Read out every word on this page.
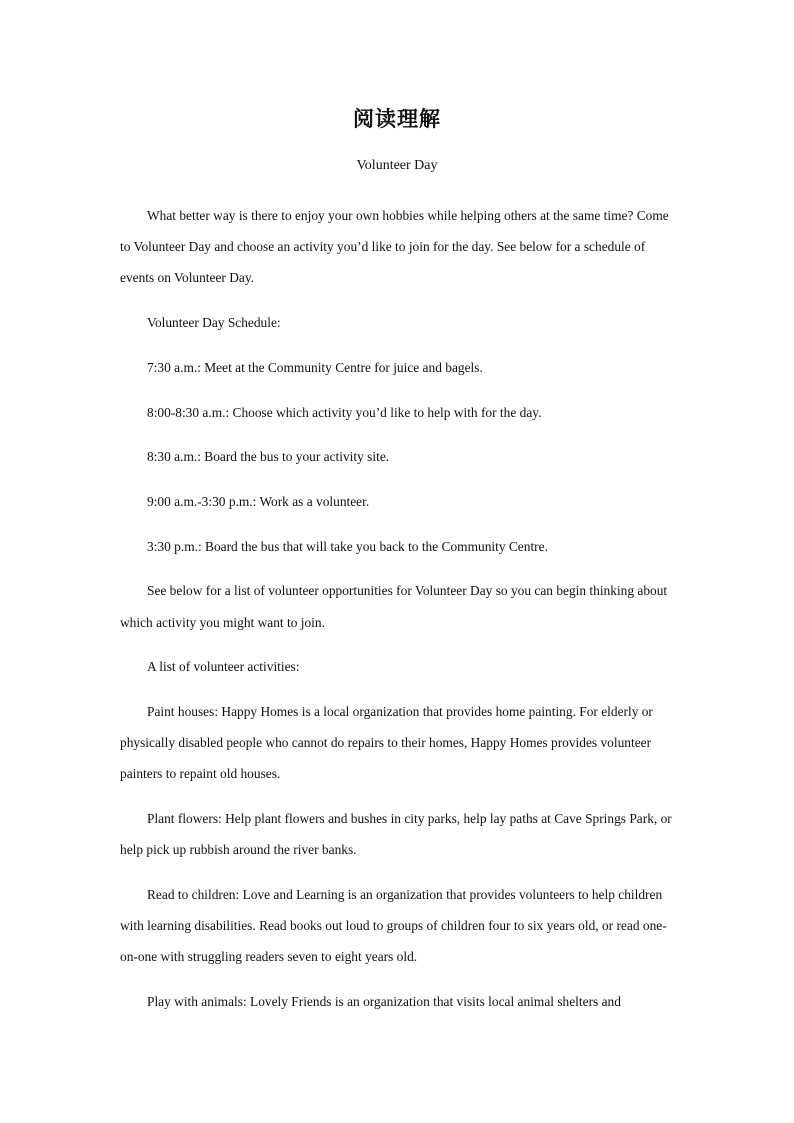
阅读理解
Volunteer Day

What better way is there to enjoy your own hobbies while helping others at the same time? Come to Volunteer Day and choose an activity you’d like to join for the day. See below for a schedule of events on Volunteer Day.

Volunteer Day Schedule:

7:30 a.m.: Meet at the Community Centre for juice and bagels.

8:00-8:30 a.m.: Choose which activity you’d like to help with for the day.

8:30 a.m.: Board the bus to your activity site.

9:00 a.m.-3:30 p.m.: Work as a volunteer.

3:30 p.m.: Board the bus that will take you back to the Community Centre.

See below for a list of volunteer opportunities for Volunteer Day so you can begin thinking about which activity you might want to join.

A list of volunteer activities:

Paint houses: Happy Homes is a local organization that provides home painting. For elderly or physically disabled people who cannot do repairs to their homes, Happy Homes provides volunteer painters to repaint old houses.

Plant flowers: Help plant flowers and bushes in city parks, help lay paths at Cave Springs Park, or help pick up rubbish around the river banks.

Read to children: Love and Learning is an organization that provides volunteers to help children with learning disabilities. Read books out loud to groups of children four to six years old, or read one-on-one with struggling readers seven to eight years old.

Play with animals: Lovely Friends is an organization that visits local animal shelters and
